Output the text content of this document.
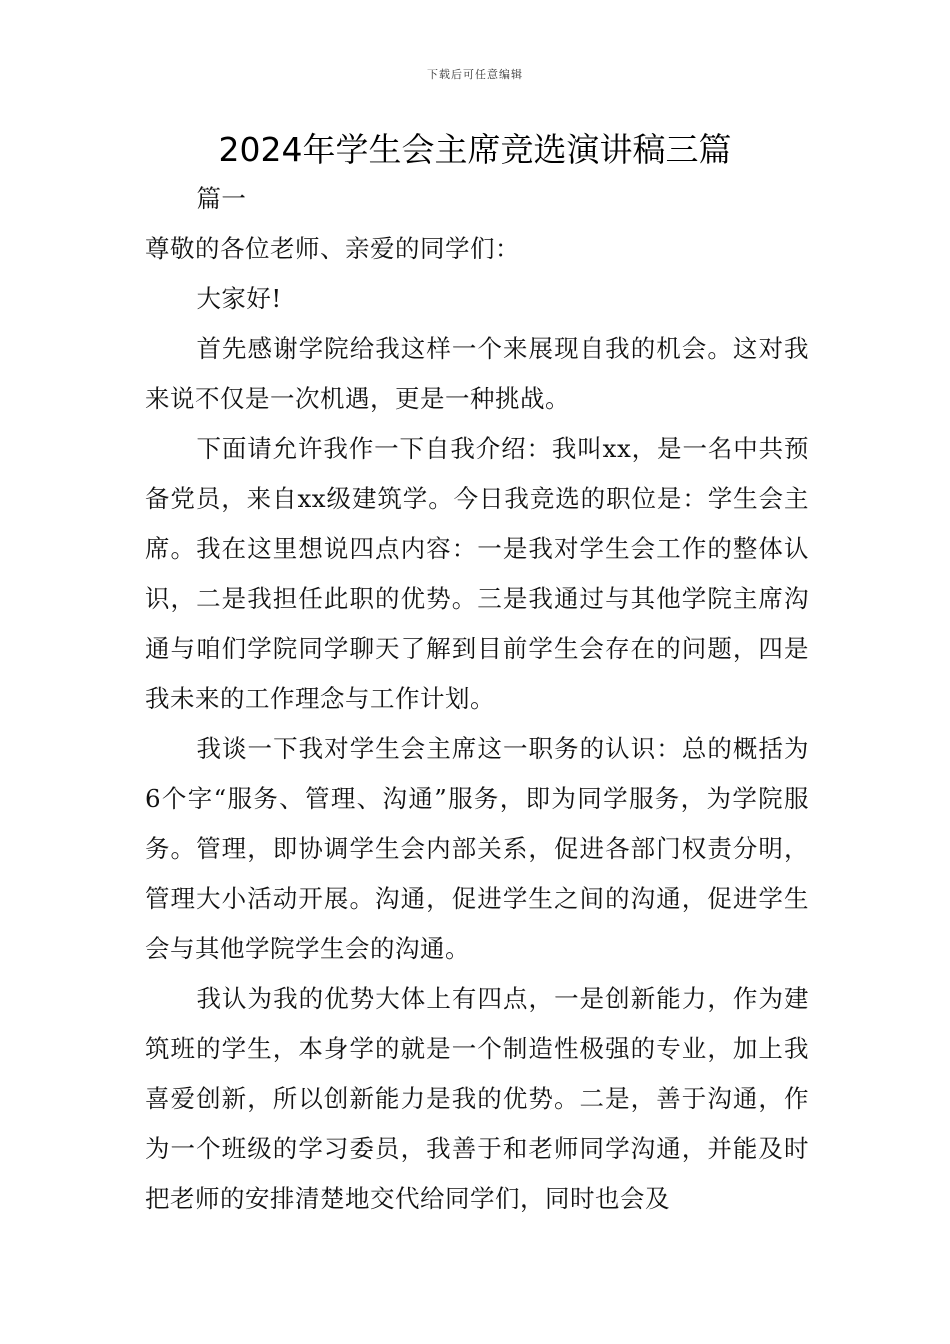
下载后可任意编辑
2024年学生会主席竞选演讲稿三篇

篇一

尊敬的各位老师、亲爱的同学们：

大家好!

首先感谢学院给我这样一个来展现自我的机会。这对我来说不仅是一次机遇，更是一种挑战。

下面请允许我作一下自我介绍：我叫xx，是一名中共预备党员，来自xx级建筑学。今日我竞选的职位是：学生会主席。我在这里想说四点内容：一是我对学生会工作的整体认识，二是我担任此职的优势。三是我通过与其他学院主席沟通与咱们学院同学聊天了解到目前学生会存在的问题，四是我未来的工作理念与工作计划。

我谈一下我对学生会主席这一职务的认识：总的概括为6个字“服务、管理、沟通”服务，即为同学服务，为学院服务。管理，即协调学生会内部关系，促进各部门权责分明，管理大小活动开展。沟通，促进学生之间的沟通，促进学生会与其他学院学生会的沟通。

我认为我的优势大体上有四点，一是创新能力，作为建筑班的学生，本身学的就是一个制造性极强的专业，加上我喜爱创新，所以创新能力是我的优势。二是，善于沟通，作为一个班级的学习委员，我善于和老师同学沟通，并能及时把老师的安排清楚地交代给同学们，同时也会及
